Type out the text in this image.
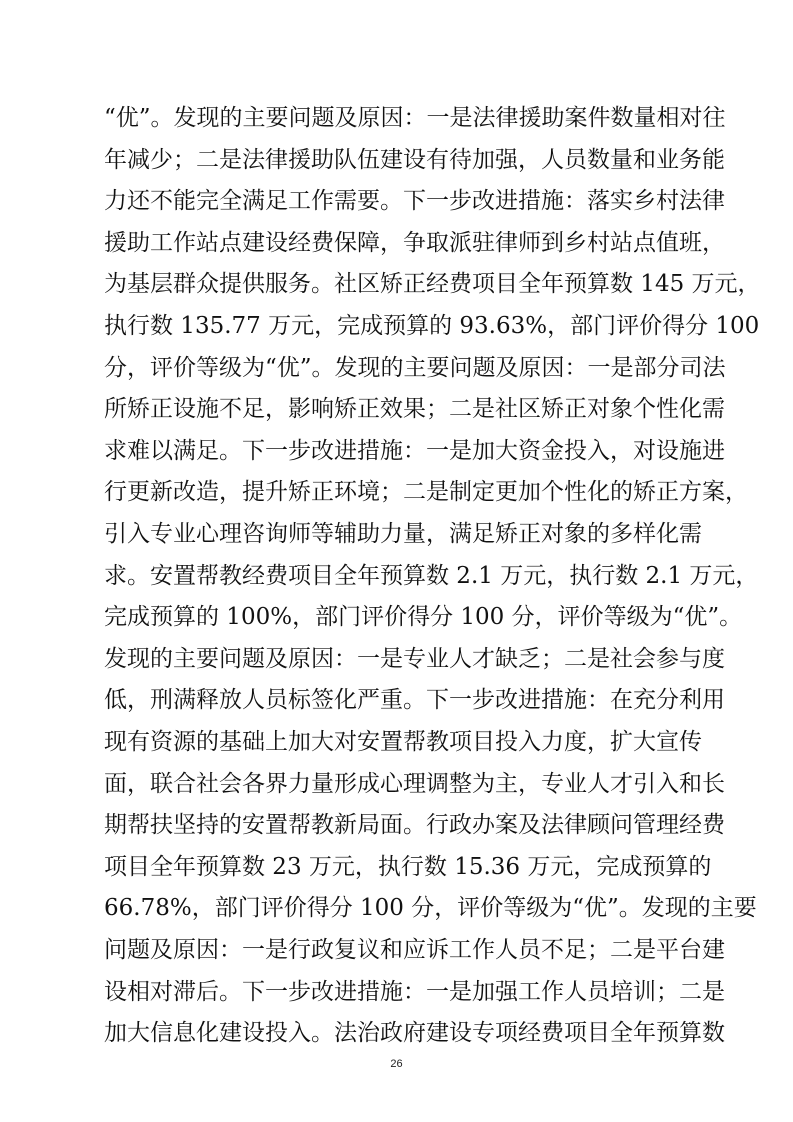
“优”。发现的主要问题及原因：一是法律援助案件数量相对往
年减少；二是法律援助队伍建设有待加强，人员数量和业务能
力还不能完全满足工作需要。下一步改进措施：落实乡村法律
援助工作站点建设经费保障，争取派驻律师到乡村站点值班，
为基层群众提供服务。社区矫正经费项目全年预算数 145 万元，
执行数 135.77 万元，完成预算的 93.63%，部门评价得分 100
分，评价等级为“优”。发现的主要问题及原因：一是部分司法
所矫正设施不足，影响矫正效果；二是社区矫正对象个性化需
求难以满足。下一步改进措施：一是加大资金投入，对设施进
行更新改造，提升矫正环境；二是制定更加个性化的矫正方案，
引入专业心理咨询师等辅助力量，满足矫正对象的多样化需
求。安置帮教经费项目全年预算数 2.1 万元，执行数 2.1 万元，
完成预算的 100%，部门评价得分 100 分，评价等级为“优”。
发现的主要问题及原因：一是专业人才缺乏；二是社会参与度
低，刑满释放人员标签化严重。下一步改进措施：在充分利用
现有资源的基础上加大对安置帮教项目投入力度，扩大宣传
面，联合社会各界力量形成心理调整为主，专业人才引入和长
期帮扶坚持的安置帮教新局面。行政办案及法律顾问管理经费
项目全年预算数 23 万元，执行数 15.36 万元，完成预算的
66.78%，部门评价得分 100 分，评价等级为“优”。发现的主要
问题及原因：一是行政复议和应诉工作人员不足；二是平台建
设相对滞后。下一步改进措施：一是加强工作人员培训；二是
加大信息化建设投入。法治政府建设专项经费项目全年预算数
26
